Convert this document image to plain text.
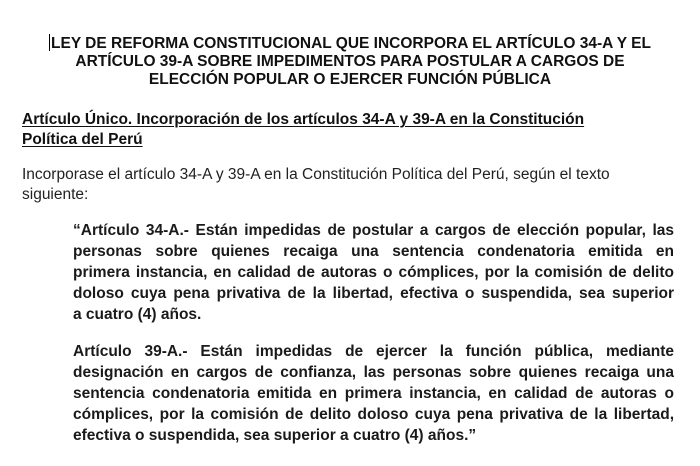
LEY DE REFORMA CONSTITUCIONAL QUE INCORPORA EL ARTÍCULO 34-A Y EL
ARTÍCULO 39-A SOBRE IMPEDIMENTOS PARA POSTULAR A CARGOS DE
ELECCIÓN POPULAR O EJERCER FUNCIÓN PÚBLICA
Artículo Único. Incorporación de los artículos 34-A y 39-A en la Constitución
Política del Perú
Incorporase el artículo 34-A y 39-A en la Constitución Política del Perú, según el texto
siguiente:
“Artículo 34-A.- Están impedidas de postular a cargos de elección popular, las
personas sobre quienes recaiga una sentencia condenatoria emitida en
primera instancia, en calidad de autoras o cómplices, por la comisión de delito
doloso cuya pena privativa de la libertad, efectiva o suspendida, sea superior
a cuatro (4) años.
Artículo 39-A.- Están impedidas de ejercer la función pública, mediante
designación en cargos de confianza, las personas sobre quienes recaiga una
sentencia condenatoria emitida en primera instancia, en calidad de autoras o
cómplices, por la comisión de delito doloso cuya pena privativa de la libertad,
efectiva o suspendida, sea superior a cuatro (4) años.”
